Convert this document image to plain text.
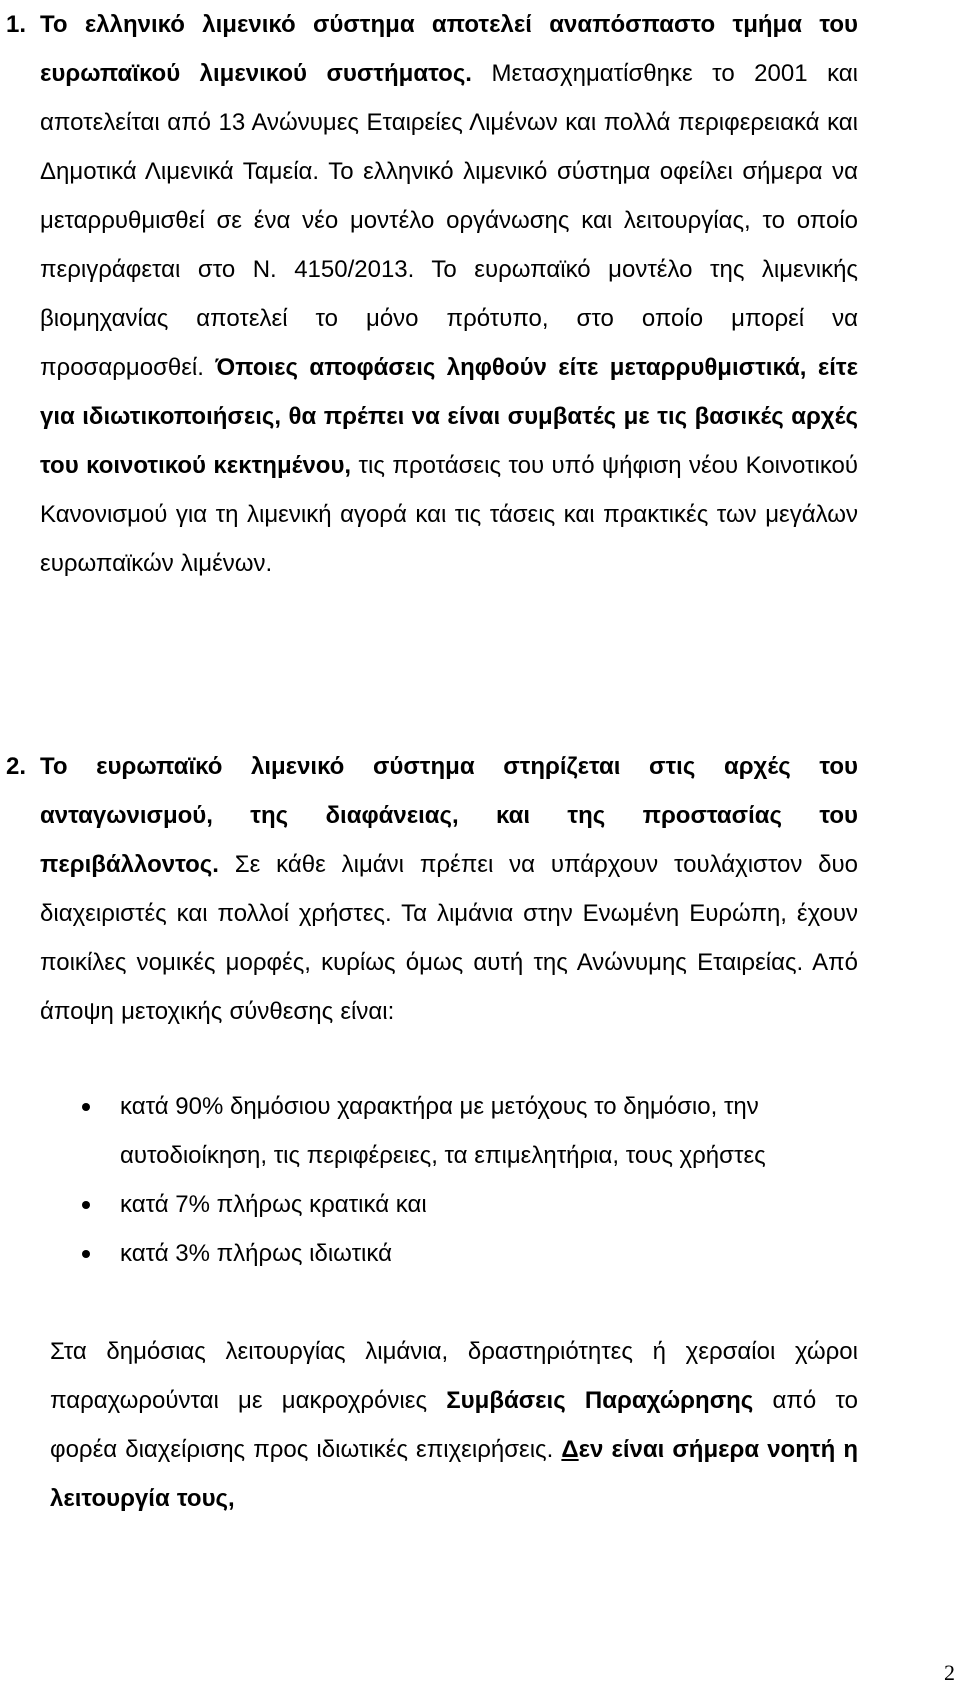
1. Το ελληνικό λιμενικό σύστημα αποτελεί αναπόσπαστο τμήμα του ευρωπαϊκού λιμενικού συστήματος. Μετασχηματίσθηκε το 2001 και αποτελείται από 13 Ανώνυμες Εταιρείες Λιμένων και πολλά περιφερειακά και Δημοτικά Λιμενικά Ταμεία. Το ελληνικό λιμενικό σύστημα οφείλει σήμερα να μεταρρυθμισθεί σε ένα νέο μοντέλο οργάνωσης και λειτουργίας, το οποίο περιγράφεται στο Ν. 4150/2013. Το ευρωπαϊκό μοντέλο της λιμενικής βιομηχανίας αποτελεί το μόνο πρότυπο, στο οποίο μπορεί να προσαρμοσθεί. Όποιες αποφάσεις ληφθούν είτε μεταρρυθμιστικά, είτε για ιδιωτικοποιήσεις, θα πρέπει να είναι συμβατές με τις βασικές αρχές του κοινοτικού κεκτημένου, τις προτάσεις του υπό ψήφιση νέου Κοινοτικού Κανονισμού για τη λιμενική αγορά και τις τάσεις και πρακτικές των μεγάλων ευρωπαϊκών λιμένων.
2. Το ευρωπαϊκό λιμενικό σύστημα στηρίζεται στις αρχές του ανταγωνισμού, της διαφάνειας, και της προστασίας του περιβάλλοντος. Σε κάθε λιμάνι πρέπει να υπάρχουν τουλάχιστον δυο διαχειριστές και πολλοί χρήστες. Τα λιμάνια στην Ενωμένη Ευρώπη, έχουν ποικίλες νομικές μορφές, κυρίως όμως αυτή της Ανώνυμης Εταιρείας. Από άποψη μετοχικής σύνθεσης είναι:
κατά 90% δημόσιου χαρακτήρα με μετόχους το δημόσιο, την αυτοδιοίκηση, τις περιφέρειες, τα επιμελητήρια, τους χρήστες
κατά 7% πλήρως κρατικά και
κατά 3% πλήρως ιδιωτικά
Στα δημόσιας λειτουργίας λιμάνια, δραστηριότητες ή χερσαίοι χώροι παραχωρούνται με μακροχρόνιες Συμβάσεις Παραχώρησης από το φορέα διαχείρισης προς ιδιωτικές επιχειρήσεις. Δεν είναι σήμερα νοητή η λειτουργία τους,
2
